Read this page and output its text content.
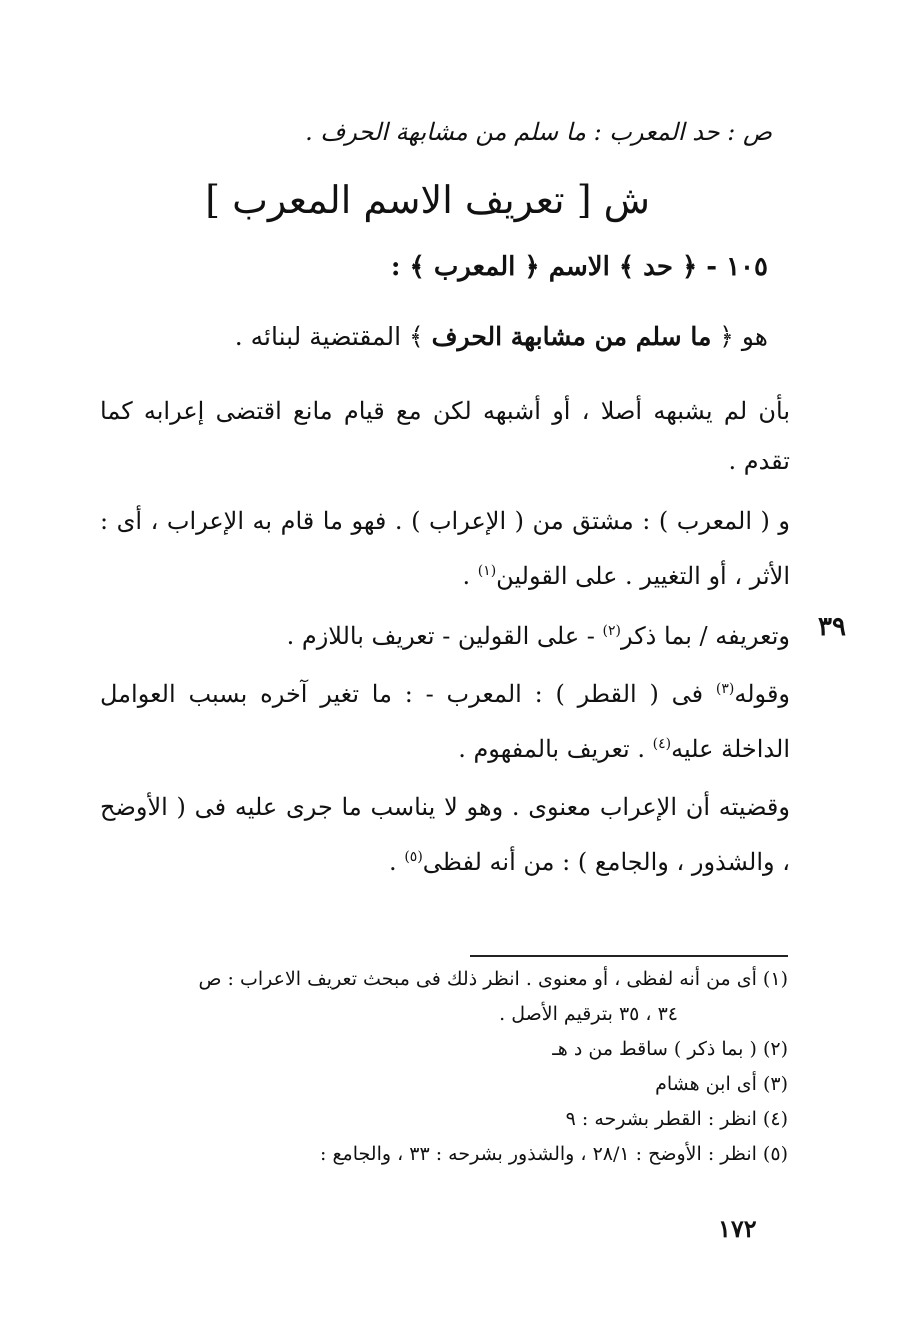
ص : حد المعرب : ما سلم من مشابهة الحرف .
ش [ تعريف الاسم المعرب ]
١٠٥ - ﴿ حد ﴾ الاسم ﴿ المعرب ﴾ :
هو ﴿ ما سلم من مشابهة الحرف ﴾ المقتضية لبنائه .
بأن لم يشبهه أصلا ، أو أشبهه لكن مع قيام مانع اقتضى إعرابه كما تقدم .
و ( المعرب ) : مشتق من ( الإعراب ) . فهو ما قام به الإعراب ، أى : الأثر ، أو التغيير . على القولين$^{(١)}$ .
وتعريفه / بما ذكر$^{(٢)}$ - على القولين - تعريف باللازم .	٣٩
وقوله$^{(٣)}$ فى ( القطر ) : المعرب - : ما تغير آخره بسبب العوامل الداخلة عليه$^{(٤)}$ . تعريف بالمفهوم .
وقضيته أن الإعراب معنوى . وهو لا يناسب ما جرى عليه فى ( الأوضح ، والشذور ، والجامع ) : من أنه لفظى$^{(٥)}$ .
(١) أى من أنه لفظى ، أو معنوى . انظر ذلك فى مبحث تعريف الاعراب : ص
٣٤ ، ٣٥ بترقيم الأصل .
(٢) ( بما ذكر ) ساقط من د هـ
(٣) أى ابن هشام
(٤) انظر : القطر بشرحه : ٩
(٥) انظر : الأوضح : ٢٨/١ ، والشذور بشرحه : ٣٣ ، والجامع :
١٧٢
